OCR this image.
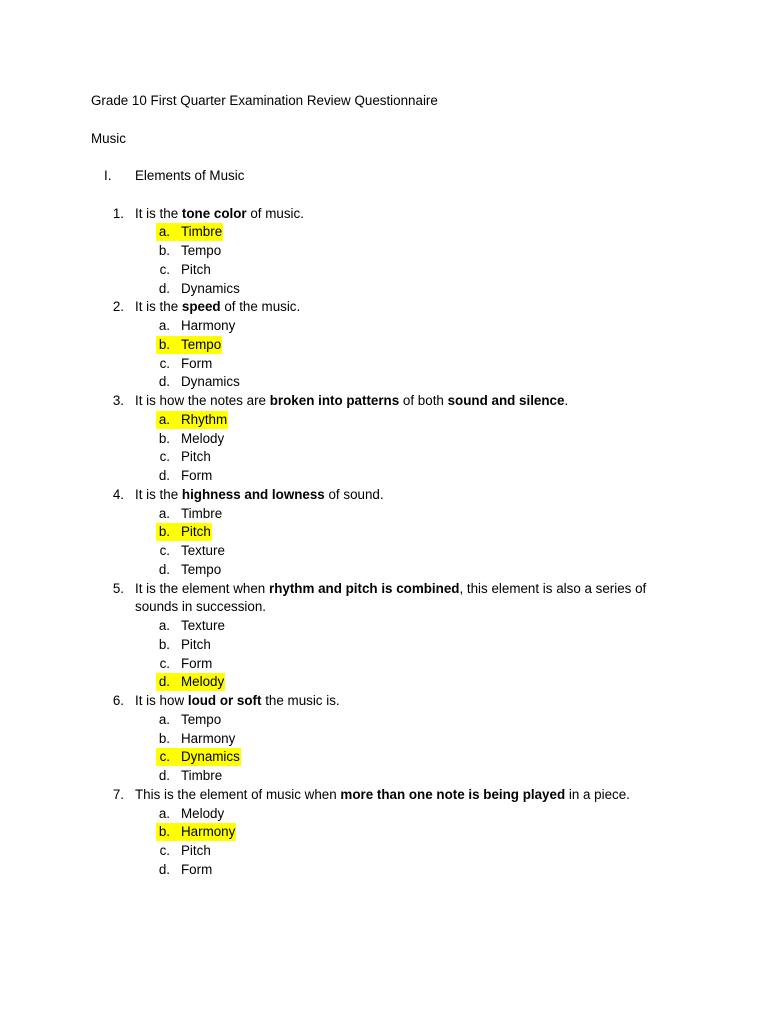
Grade 10 First Quarter Examination Review Questionnaire
Music
I. Elements of Music
1. It is the tone color of music.
a. Timbre
b. Tempo
c. Pitch
d. Dynamics
2. It is the speed of the music.
a. Harmony
b. Tempo
c. Form
d. Dynamics
3. It is how the notes are broken into patterns of both sound and silence.
a. Rhythm
b. Melody
c. Pitch
d. Form
4. It is the highness and lowness of sound.
a. Timbre
b. Pitch
c. Texture
d. Tempo
5. It is the element when rhythm and pitch is combined, this element is also a series of
sounds in succession.
a. Texture
b. Pitch
c. Form
d. Melody
6. It is how loud or soft the music is.
a. Tempo
b. Harmony
c. Dynamics
d. Timbre
7. This is the element of music when more than one note is being played in a piece.
a. Melody
b. Harmony
c. Pitch
d. Form
